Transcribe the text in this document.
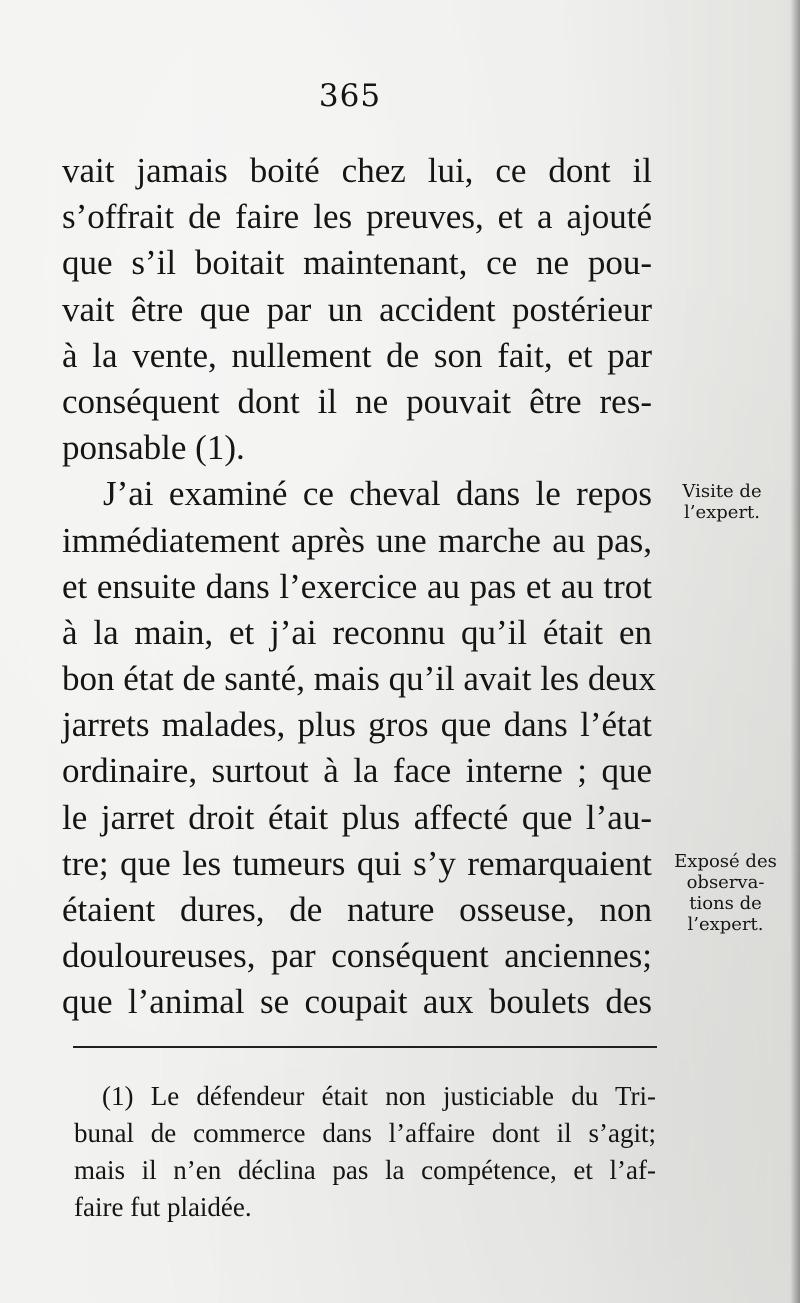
365
vait jamais boité chez lui, ce dont il
s’offrait de faire les preuves, et a ajouté
que s’il boitait maintenant, ce ne pou-
vait être que par un accident postérieur
à la vente, nullement de son fait, et par
conséquent dont il ne pouvait être res-
ponsable (1).
J’ai examiné ce cheval dans le repos
immédiatement après une marche au pas,
et ensuite dans l’exercice au pas et au trot
à la main, et j’ai reconnu qu’il était en
bon état de santé, mais qu’il avait les deux
jarrets malades, plus gros que dans l’état
ordinaire, surtout à la face interne ; que
le jarret droit était plus affecté que l’au-
tre; que les tumeurs qui s’y remarquaient
étaient dures, de nature osseuse, non
douloureuses, par conséquent anciennes;
que l’animal se coupait aux boulets des
Visite de
l’expert.
Exposé des
observa-
tions de
l’expert.
(1) Le défendeur était non justiciable du Tri-
bunal de commerce dans l’affaire dont il s’agit;
mais il n’en déclina pas la compétence, et l’af-
faire fut plaidée.
